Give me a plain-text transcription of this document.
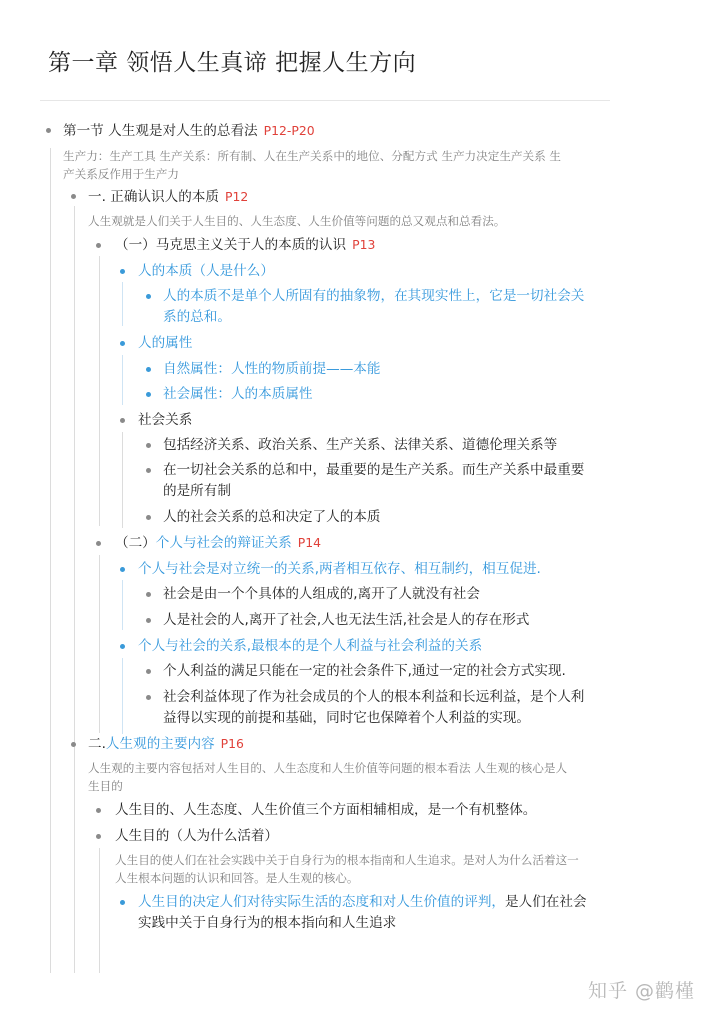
第一章 领悟人生真谛 把握人生方向
第一节 人生观是对人生的总看法 P12-P20
生产力：生产工具 生产关系：所有制、人在生产关系中的地位、分配方式 生产力决定生产关系 生
产关系反作用于生产力
一. 正确认识人的本质 P12
人生观就是人们关于人生目的、人生态度、人生价值等问题的总又观点和总看法。
（一）马克思主义关于人的本质的认识 P13
人的本质（人是什么）
人的本质不是单个人所固有的抽象物，在其现实性上，它是一切社会关
系的总和。
人的属性
自然属性：人性的物质前提——本能
社会属性：人的本质属性
社会关系
包括经济关系、政治关系、生产关系、法律关系、道德伦理关系等
在一切社会关系的总和中，最重要的是生产关系。而生产关系中最重要
的是所有制
人的社会关系的总和决定了人的本质
（二）个人与社会的辩证关系 P14
个人与社会是对立统一的关系,两者相互依存、相互制约，相互促进.
社会是由一个个具体的人组成的,离开了人就没有社会
人是社会的人,离开了社会,人也无法生活,社会是人的存在形式
个人与社会的关系,最根本的是个人利益与社会利益的关系
个人利益的满足只能在一定的社会条件下,通过一定的社会方式实现.
社会利益体现了作为社会成员的个人的根本利益和长远利益，是个人利
益得以实现的前提和基础，同时它也保障着个人利益的实现。
二.人生观的主要内容 P16
人生观的主要内容包括对人生目的、人生态度和人生价值等问题的根本看法 人生观的核心是人
生目的
人生目的、人生态度、人生价值三个方面相辅相成，是一个有机整体。
人生目的（人为什么活着）
人生目的使人们在社会实践中关于自身行为的根本指南和人生追求。是对人为什么活着这一
人生根本问题的认识和回答。是人生观的核心。
人生目的决定人们对待实际生活的态度和对人生价值的评判，是人们在社会
实践中关于自身行为的根本指向和人生追求
知乎 @鹳槿
